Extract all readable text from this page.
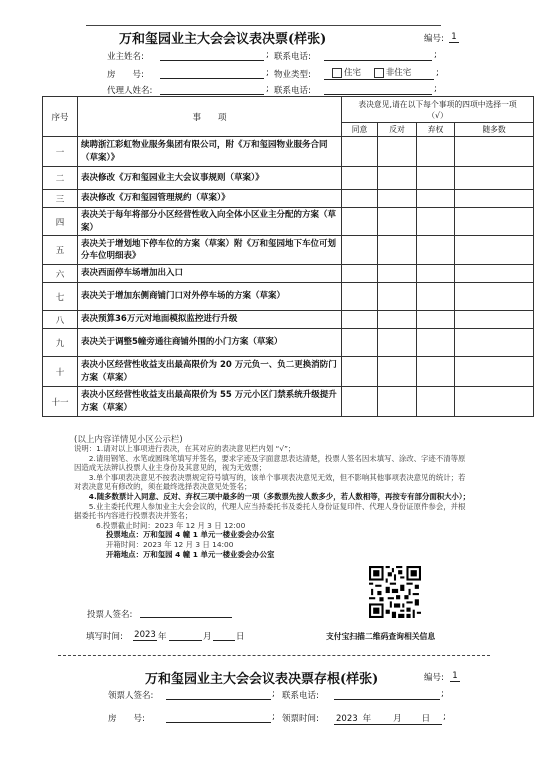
万和玺园业主大会会议表决票(样张)	编号: 1
业主姓名:	; 联系电话:	;
房　　号:	; 物业类型:	住宅	非住宅	;
代理人姓名:	; 联系电话:	;
序号	事　　项	表决意见,请在以下每个事项的四项中选择一项（√）			
		同意	反对	弃权	随多数
一	续聘浙江彩虹物业服务集团有限公司，附《万和玺园物业服务合同（草案）》				
二	表决修改《万和玺园业主大会议事规则（草案）》				
三	表决修改《万和玺园管理规约（草案）》				
四	表决关于每年将部分小区经营性收入向全体小区业主分配的方案（草案）				
五	表决关于增划地下停车位的方案（草案）附《万和玺园地下车位可划分车位明细表》				
六	表决西面停车场增加出入口				
七	表决关于增加东侧商铺门口对外停车场的方案（草案）				
八	表决预算36万元对地面模拟监控进行升级				
九	表决关于调整5幢旁通往商铺外围的小门方案（草案）				
十	表决小区经营性收益支出最高限价为 20 万元负一、负二更换消防门方案（草案）				
十一	表决小区经营性收益支出最高限价为 55 万元小区门禁系统升级提升方案（草案）				
(以上内容详情见小区公示栏)

说明：1.请对以上事项进行表决，在其对应的表决意见栏内划 “√”；

2.请用钢笔、水笔或圆珠笔填写并签名，要求字迹及字面意思表达清楚，投票人签名因未填写、涂改、字迹不清等原因造成无法辨认投票人业主身份及其意见的，视为无效票；

3.单个事项表决意见不按表决票规定符号填写的，该单个事项表决意见无效，但不影响其他事项表决意见的统计；若对表决意见有修改的，须在最终选择表决意见处签名；

4.随多数票计入同意、反对、弃权三项中最多的一项（多数票先按人数多少，若人数相等，再按专有部分面积大小）；

5.业主委托代理人参加业主大会会议的，代理人应当持委托书及委托人身份证复印件、代理人身份证原件参会，并根据委托书内容进行投票表决并签名；

6.投票截止时间：2023 年 12 月 3 日 12:00

投票地点：万和玺园 4 幢 1 单元一楼业委会办公室

开箱时间：2023 年 12 月 3 日 14:00

开箱地点：万和玺园 4 幢 1 单元一楼业委会办公室

投票人签名:
填写时间: 2023 年	月	日	支付宝扫描二维码查询相关信息
万和玺园业主大会会议表决票存根(样张)	编号: 1
领票人签名:	; 联系电话:	;
房　　号:	; 领票时间: 2023 年	月 日	;
